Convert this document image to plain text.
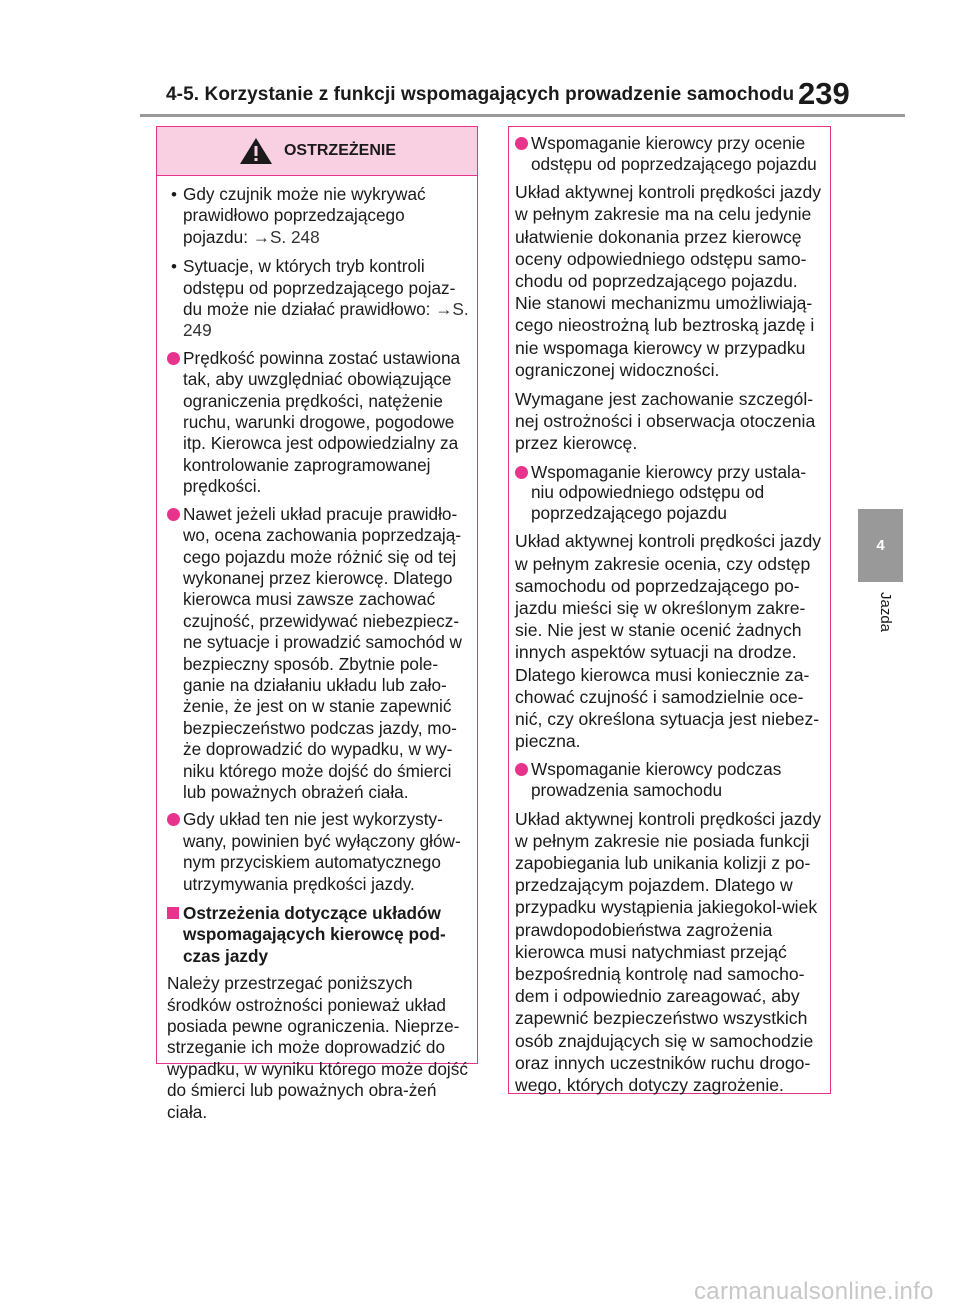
4-5. Korzystanie z funkcji wspomagających prowadzenie samochodu 239
4
Jazda
OSTRZEŻENIE

• Gdy czujnik może nie wykrywać prawidłowo poprzedzającego pojazdu: →S. 248

• Sytuacje, w których tryb kontroli odstępu od poprzedzającego pojaz-du może nie działać prawidłowo: →S. 249

Prędkość powinna zostać ustawiona tak, aby uwzględniać obowiązujące ograniczenia prędkości, natężenie ruchu, warunki drogowe, pogodowe itp. Kierowca jest odpowiedzialny za kontrolowanie zaprogramowanej prędkości.

Nawet jeżeli układ pracuje prawidło-wo, ocena zachowania poprzedzają-cego pojazdu może różnić się od tej wykonanej przez kierowcę. Dlatego kierowca musi zawsze zachować czujność, przewidywać niebezpiecz-ne sytuacje i prowadzić samochód w bezpieczny sposób. Zbytnie pole-ganie na działaniu układu lub zało-żenie, że jest on w stanie zapewnić bezpieczeństwo podczas jazdy, mo-że doprowadzić do wypadku, w wy-niku którego może dojść do śmierci lub poważnych obrażeń ciała.

Gdy układ ten nie jest wykorzysty-wany, powinien być wyłączony głów-nym przyciskiem automatycznego utrzymywania prędkości jazdy.

Ostrzeżenia dotyczące układów wspomagających kierowcę pod-czas jazdy

Należy przestrzegać poniższych środków ostrożności ponieważ układ posiada pewne ograniczenia. Nieprze-strzeganie ich może doprowadzić do wypadku, w wyniku którego może dojść do śmierci lub poważnych obra-żeń ciała.

Wspomaganie kierowcy przy ocenie odstępu od poprzedzającego pojazdu

Układ aktywnej kontroli prędkości jazdy w pełnym zakresie ma na celu jedynie ułatwienie dokonania przez kierowcę oceny odpowiedniego odstępu samo-chodu od poprzedzającego pojazdu. Nie stanowi mechanizmu umożliwiają-cego nieostrożną lub beztroską jazdę i nie wspomaga kierowcy w przypadku ograniczonej widoczności.

Wymagane jest zachowanie szczegól-nej ostrożności i obserwacja otoczenia przez kierowcę.

Wspomaganie kierowcy przy ustala-niu odpowiedniego odstępu od poprzedzającego pojazdu

Układ aktywnej kontroli prędkości jazdy w pełnym zakresie ocenia, czy odstęp samochodu od poprzedzającego po-jazdu mieści się w określonym zakre-sie. Nie jest w stanie ocenić żadnych innych aspektów sytuacji na drodze. Dlatego kierowca musi koniecznie za-chować czujność i samodzielnie oce-nić, czy określona sytuacja jest niebez-pieczna.

Wspomaganie kierowcy podczas prowadzenia samochodu

Układ aktywnej kontroli prędkości jazdy w pełnym zakresie nie posiada funkcji zapobiegania lub unikania kolizji z po-przedzającym pojazdem. Dlatego w przypadku wystąpienia jakiegokol-wiek prawdopodobieństwa zagrożenia kierowca musi natychmiast przejąć bezpośrednią kontrolę nad samocho-dem i odpowiednio zareagować, aby zapewnić bezpieczeństwo wszystkich osób znajdujących się w samochodzie oraz innych uczestników ruchu drogo-wego, których dotyczy zagrożenie.

carmanualsonline.info
